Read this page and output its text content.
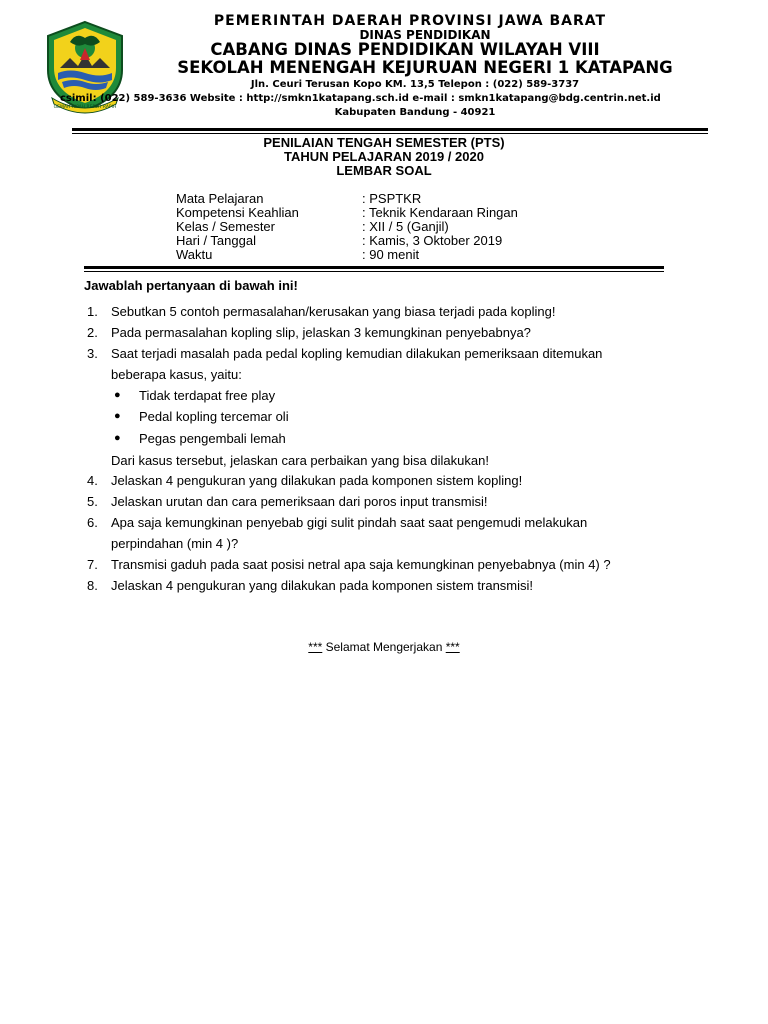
GEMAH RIPAH REPEH RAPIH
PEMERINTAH DAERAH PROVINSI JAWA BARAT
DINAS PENDIDIKAN
CABANG DINAS PENDIDIKAN WILAYAH VIII
SEKOLAH MENENGAH KEJURUAN NEGERI 1 KATAPANG
Jln. Ceuri Terusan Kopo KM. 13,5 Telepon : (022) 589-3737
csimil: (022) 589-3636 Website : http://smkn1katapang.sch.id e-mail : smkn1katapang@bdg.centrin.net.id
Kabupaten Bandung - 40921
PENILAIAN TENGAH SEMESTER (PTS)
TAHUN PELAJARAN 2019 / 2020
LEMBAR SOAL
Mata Pelajaran	: PSPTKR
Kompetensi Keahlian	: Teknik Kendaraan Ringan
Kelas / Semester	: XII / 5 (Ganjil)
Hari / Tanggal	: Kamis, 3 Oktober 2019
Waktu	: 90 menit
Jawablah pertanyaan di bawah ini!
1.	Sebutkan 5 contoh permasalahan/kerusakan yang biasa terjadi pada kopling!
2.	Pada permasalahan kopling slip, jelaskan 3 kemungkinan penyebabnya?
3.	Saat terjadi masalah pada pedal kopling kemudian dilakukan pemeriksaan ditemukan
beberapa kasus, yaitu:
● Tidak terdapat free play
● Pedal kopling tercemar oli
● Pegas pengembali lemah
Dari kasus tersebut, jelaskan cara perbaikan yang bisa dilakukan!
4.	Jelaskan 4 pengukuran yang dilakukan pada komponen sistem kopling!
5.	Jelaskan urutan dan cara pemeriksaan dari poros input transmisi!
6.	Apa saja kemungkinan penyebab gigi sulit pindah saat saat pengemudi melakukan
perpindahan (min 4 )?
7.	Transmisi gaduh pada saat posisi netral apa saja kemungkinan penyebabnya (min 4) ?
8.	Jelaskan 4 pengukuran yang dilakukan pada komponen sistem transmisi!
*** Selamat Mengerjakan ***
